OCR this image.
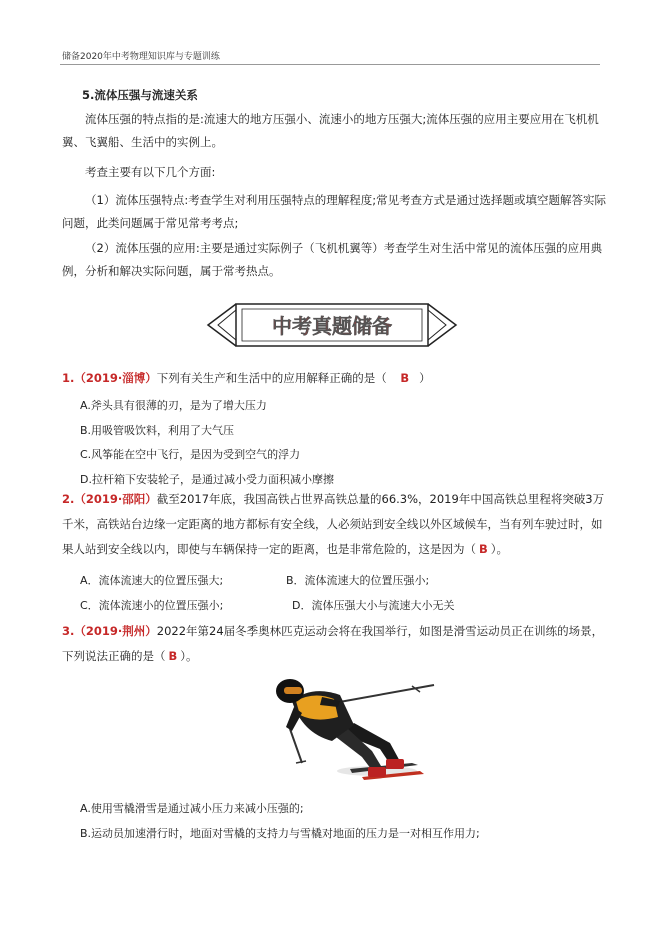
储备2020年中考物理知识库与专题训练
5.流体压强与流速关系

流体压强的特点指的是:流速大的地方压强小、流速小的地方压强大;流体压强的应用主要应用在飞机机翼、飞翼船、生活中的实例上。

考查主要有以下几个方面:

（1）流体压强特点:考查学生对利用压强特点的理解程度;常见考查方式是通过选择题或填空题解答实际问题，此类问题属于常见常考考点;

（2）流体压强的应用:主要是通过实际例子（飞机机翼等）考查学生对生活中常见的流体压强的应用典例，分析和解决实际问题，属于常考热点。

中考真题储备

1.（2019·淄博）下列有关生产和生活中的应用解释正确的是（ B ）

A.斧头具有很薄的刃，是为了增大压力
B.用吸管吸饮料，利用了大气压
C.风筝能在空中飞行，是因为受到空气的浮力
D.拉杆箱下安装轮子，是通过减小受力面积减小摩擦

2.（2019·邵阳）截至2017年底，我国高铁占世界高铁总量的66.3%，2019年中国高铁总里程将突破3万千米，高铁站台边缘一定距离的地方都标有安全线，人必须站到安全线以外区域候车，当有列车驶过时，如果人站到安全线以内，即使与车辆保持一定的距离，也是非常危险的，这是因为（ B ）。

A．流体流速大的位置压强大;	B．流体流速大的位置压强小;
C．流体流速小的位置压强小;	D．流体压强大小与流速大小无关

3.（2019·荆州）2022年第24届冬季奥林匹克运动会将在我国举行，如图是滑雪运动员正在训练的场景，下列说法正确的是（ B ）。

A.使用雪橇滑雪是通过减小压力来减小压强的;
B.运动员加速滑行时，地面对雪橇的支持力与雪橇对地面的压力是一对相互作用力;
